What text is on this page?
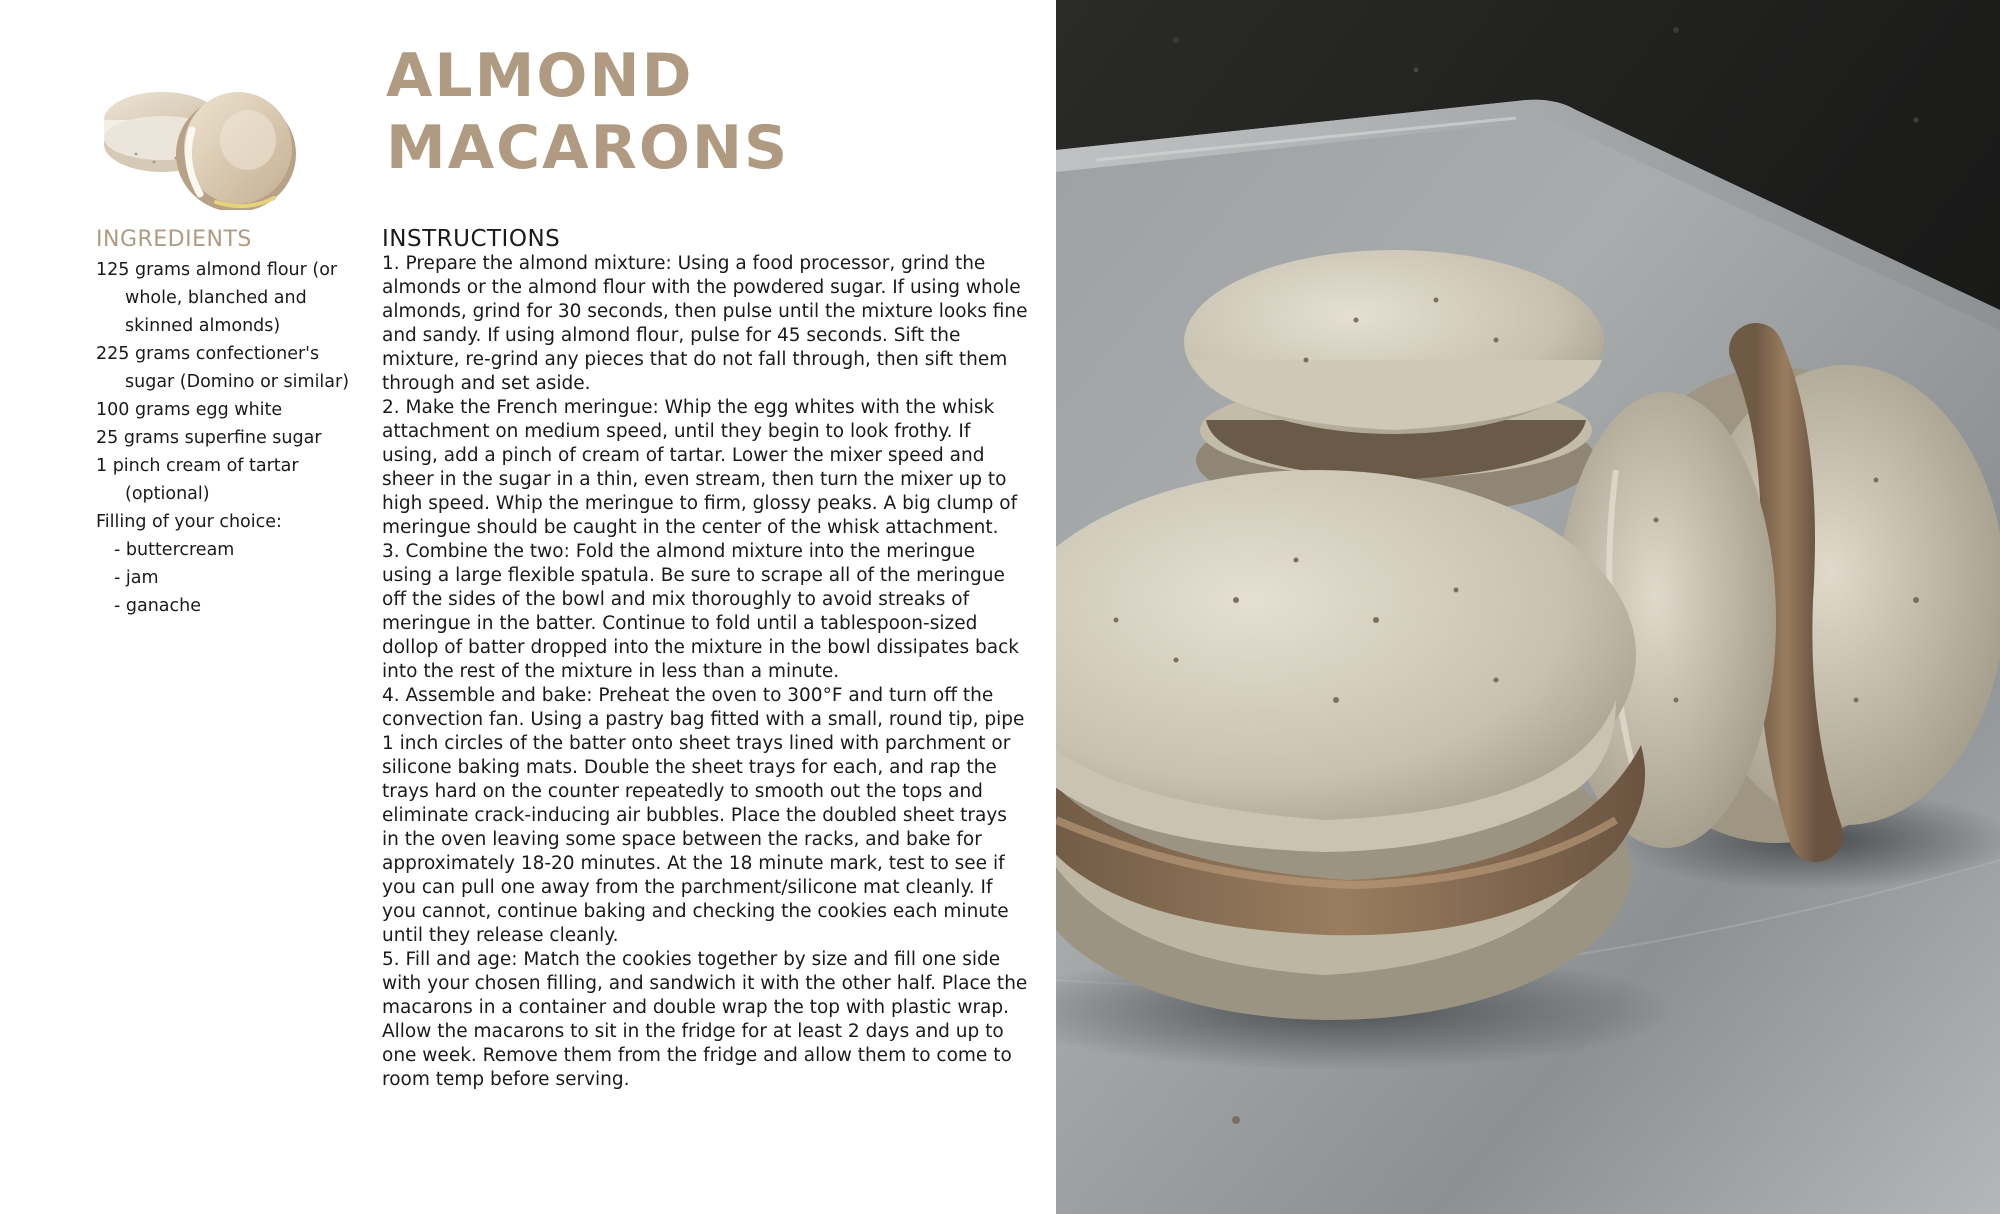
ALMOND
MACARONS
INGREDIENTS
125 grams almond flour (or whole, blanched and skinned almonds)
225 grams confectioner's sugar (Domino or similar)
100 grams egg white
25 grams superfine sugar
1 pinch cream of tartar (optional)
Filling of your choice:
- buttercream
- jam
- ganache
INSTRUCTIONS

1. Prepare the almond mixture: Using a food processor, grind the almonds or the almond flour with the powdered sugar. If using whole almonds, grind for 30 seconds, then pulse until the mixture looks fine and sandy. If using almond flour, pulse for 45 seconds. Sift the mixture, re-grind any pieces that do not fall through, then sift them through and set aside.

2. Make the French meringue: Whip the egg whites with the whisk attachment on medium speed, until they begin to look frothy. If using, add a pinch of cream of tartar. Lower the mixer speed and sheer in the sugar in a thin, even stream, then turn the mixer up to high speed. Whip the meringue to firm, glossy peaks. A big clump of meringue should be caught in the center of the whisk attachment.

3. Combine the two: Fold the almond mixture into the meringue using a large flexible spatula. Be sure to scrape all of the meringue off the sides of the bowl and mix thoroughly to avoid streaks of meringue in the batter. Continue to fold until a tablespoon-sized dollop of batter dropped into the mixture in the bowl dissipates back into the rest of the mixture in less than a minute.

4. Assemble and bake: Preheat the oven to 300°F and turn off the convection fan. Using a pastry bag fitted with a small, round tip, pipe 1 inch circles of the batter onto sheet trays lined with parchment or silicone baking mats. Double the sheet trays for each, and rap the trays hard on the counter repeatedly to smooth out the tops and eliminate crack-inducing air bubbles. Place the doubled sheet trays in the oven leaving some space between the racks, and bake for approximately 18-20 minutes. At the 18 minute mark, test to see if you can pull one away from the parchment/silicone mat cleanly. If you cannot, continue baking and checking the cookies each minute until they release cleanly.

5. Fill and age: Match the cookies together by size and fill one side with your chosen filling, and sandwich it with the other half. Place the macarons in a container and double wrap the top with plastic wrap. Allow the macarons to sit in the fridge for at least 2 days and up to one week. Remove them from the fridge and allow them to come to room temp before serving.
